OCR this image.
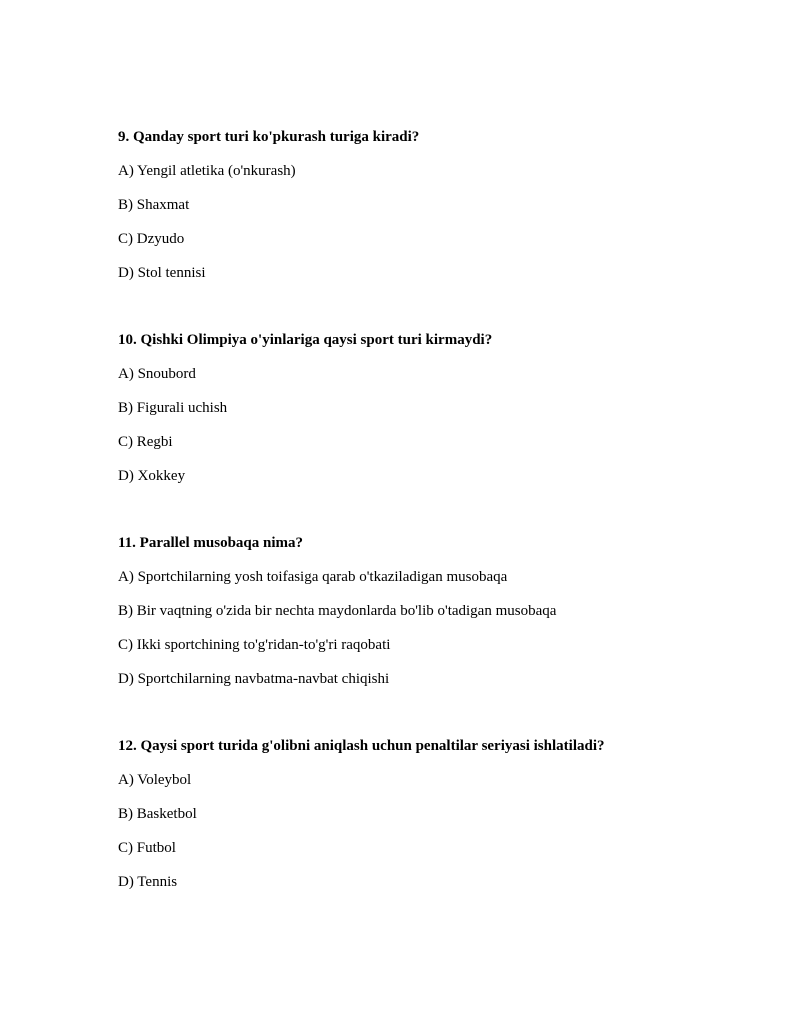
9. Qanday sport turi ko'pkurash turiga kiradi?
A) Yengil atletika (o'nkurash)
B) Shaxmat
C) Dzyudo
D) Stol tennisi
10. Qishki Olimpiya o'yinlariga qaysi sport turi kirmaydi?
A) Snoubord
B) Figurali uchish
C) Regbi
D) Xokkey
11. Parallel musobaqa nima?
A) Sportchilarning yosh toifasiga qarab o'tkaziladigan musobaqa
B) Bir vaqtning o'zida bir nechta maydonlarda bo'lib o'tadigan musobaqa
C) Ikki sportchining to'g'ridan-to'g'ri raqobati
D) Sportchilarning navbatma-navbat chiqishi
12. Qaysi sport turida g'olibni aniqlash uchun penaltilar seriyasi ishlatiladi?
A) Voleybol
B) Basketbol
C) Futbol
D) Tennis
